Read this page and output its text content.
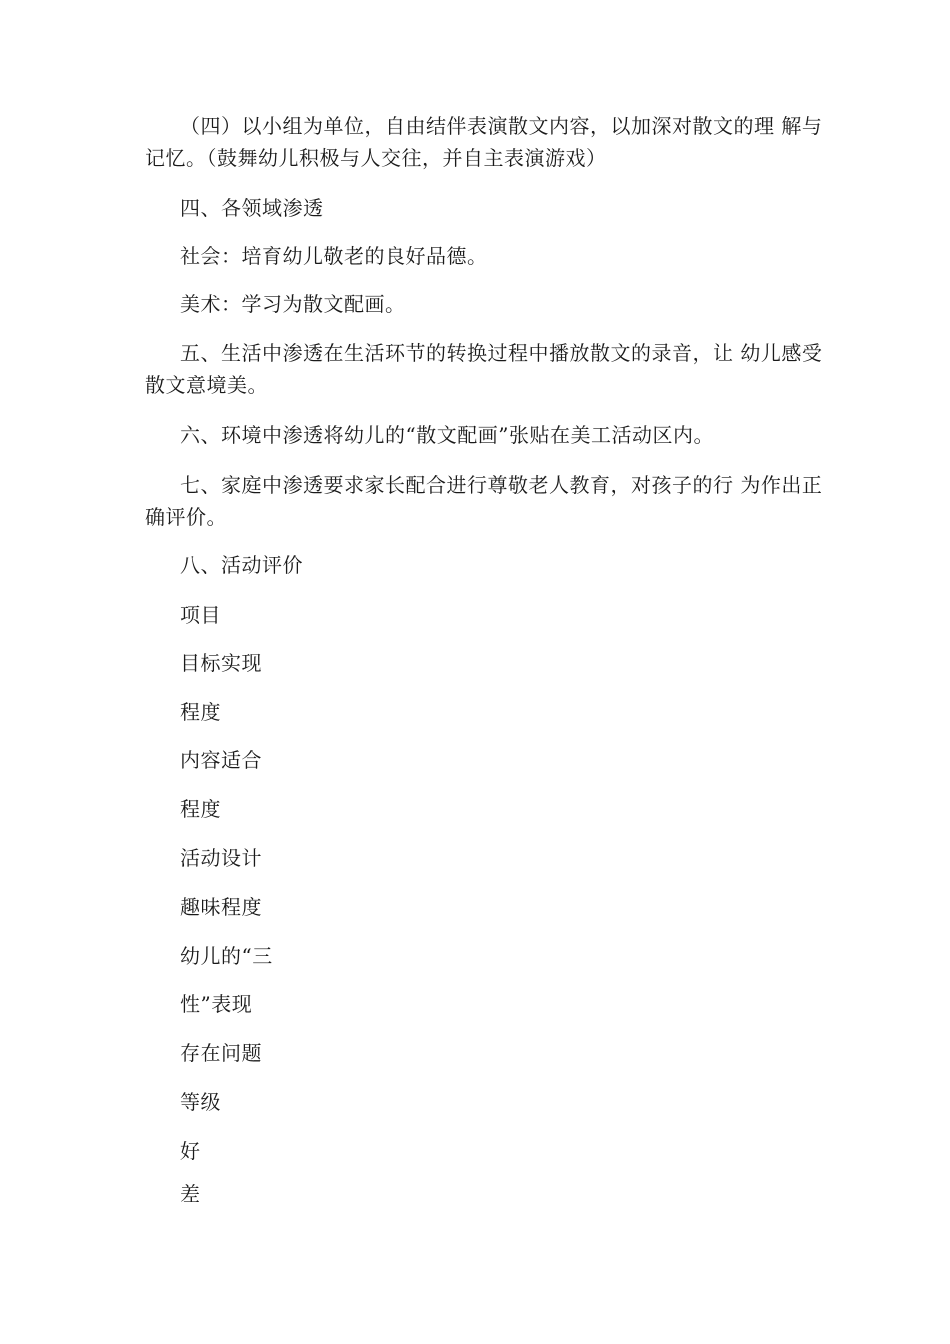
（四）以小组为单位，自由结伴表演散文内容，以加深对散文的理 解与记忆。（鼓舞幼儿积极与人交往，并自主表演游戏）

四、各领域渗透

社会：培育幼儿敬老的良好品德。

美术：学习为散文配画。

五、生活中渗透在生活环节的转换过程中播放散文的录音，让 幼儿感受散文意境美。

六、环境中渗透将幼儿的“散文配画”张贴在美工活动区内。

七、家庭中渗透要求家长配合进行尊敬老人教育，对孩子的行 为作出正确评价。

八、活动评价

项目

目标实现

程度

内容适合

程度

活动设计

趣味程度

幼儿的“三

性”表现

存在问题

等级

好

差
